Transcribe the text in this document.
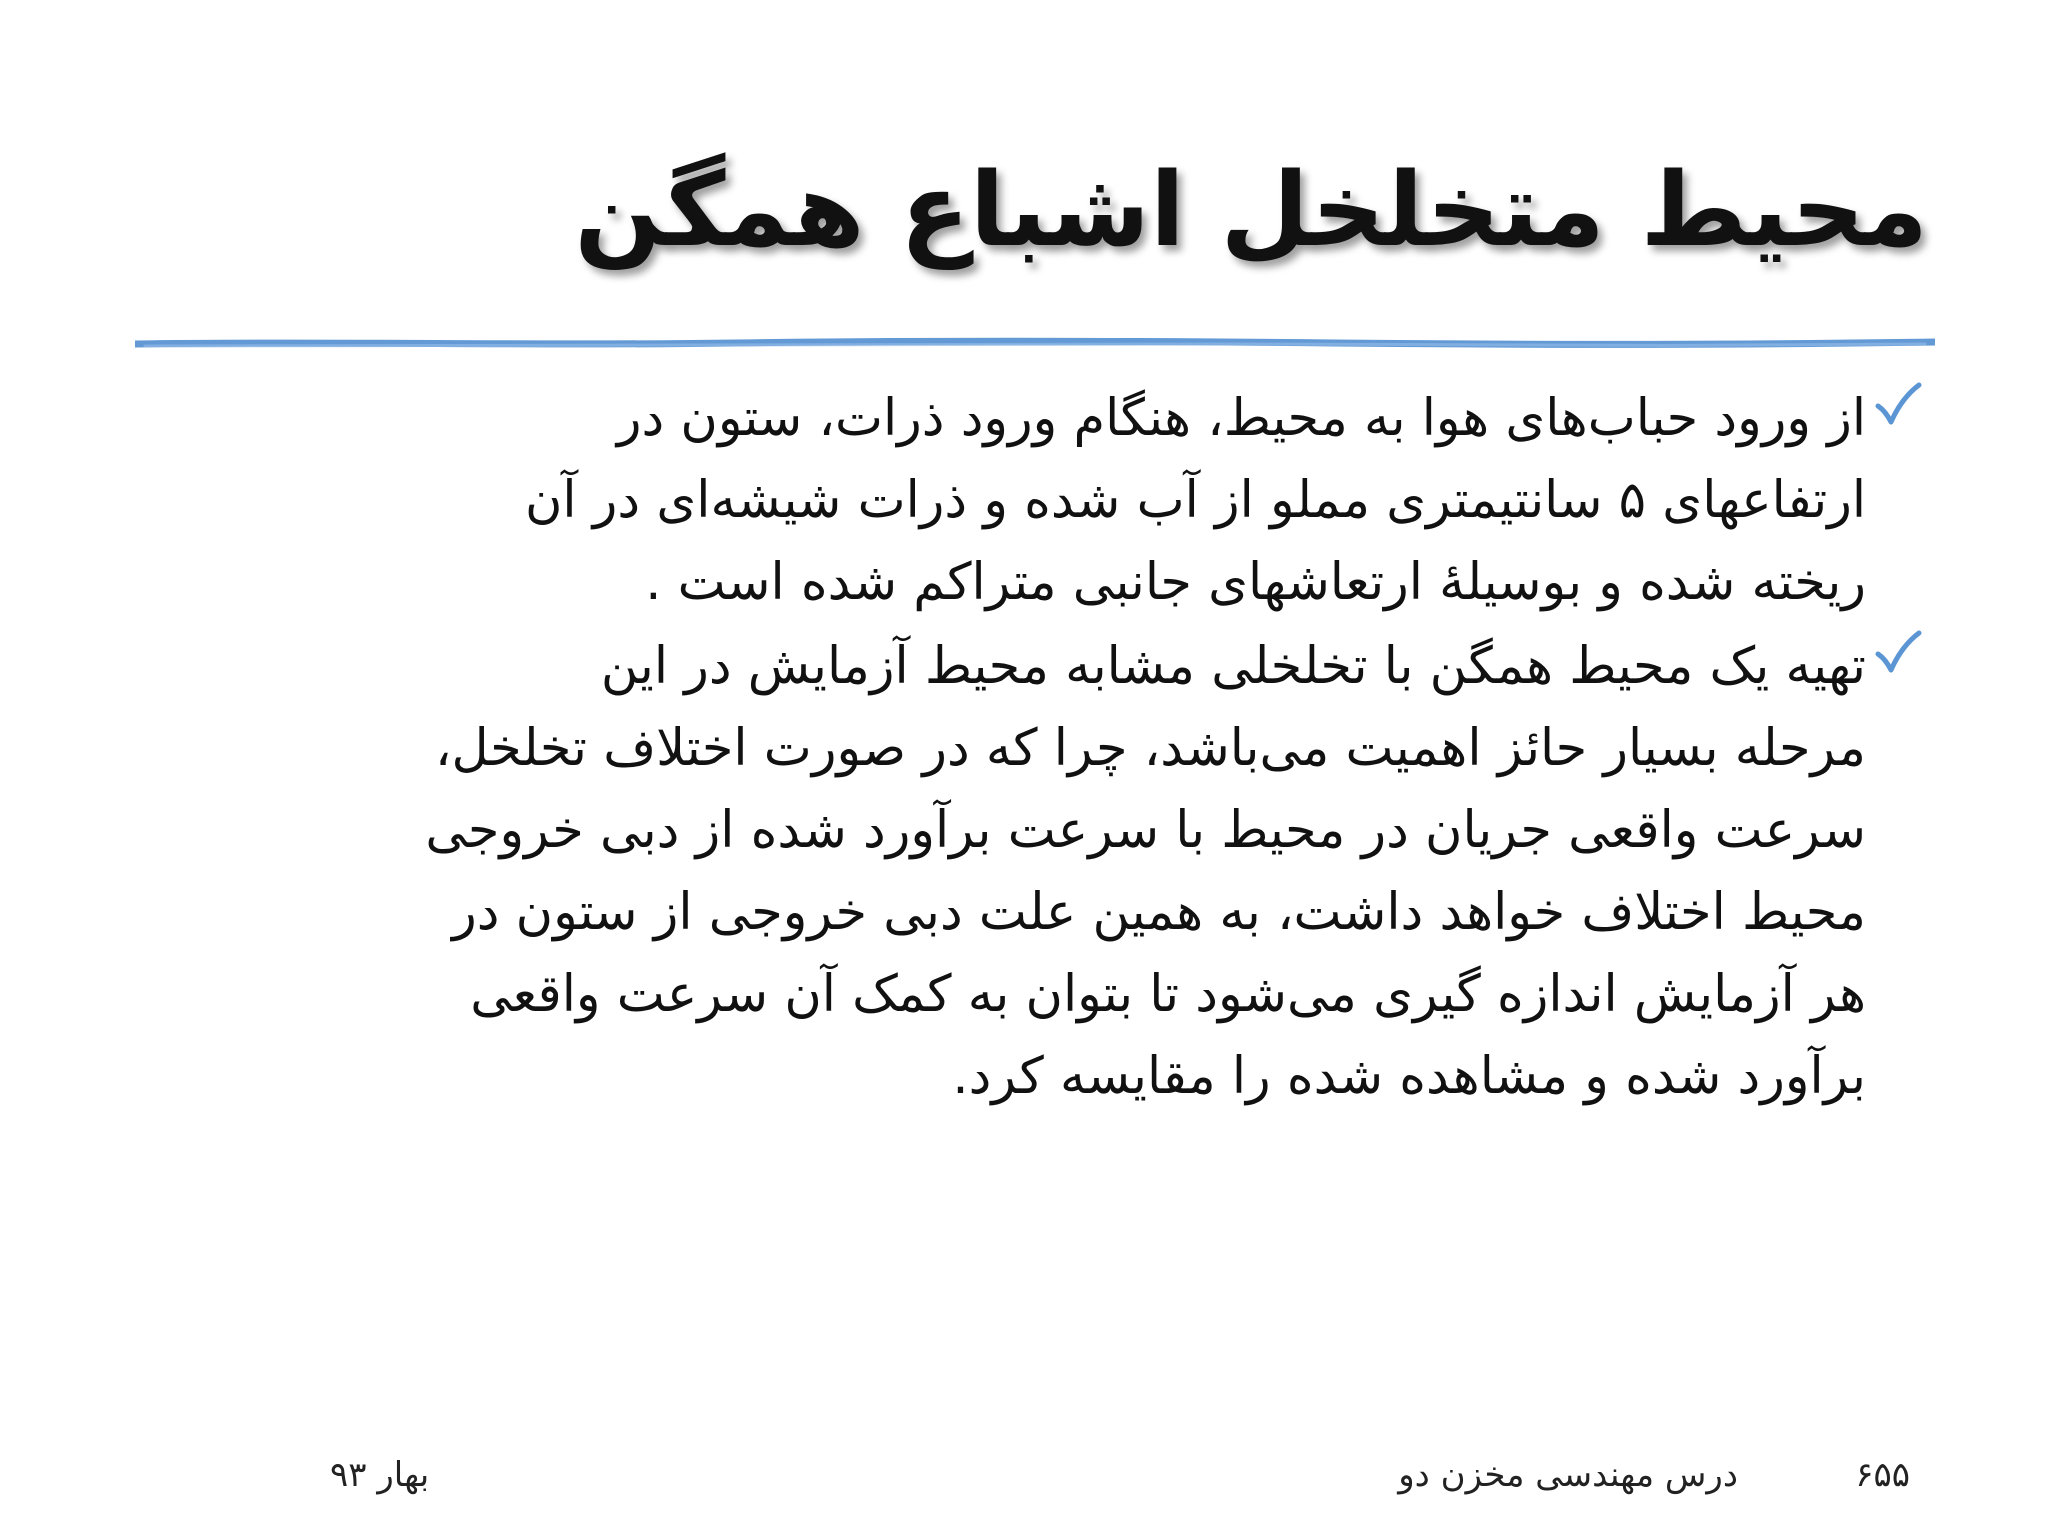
محیط متخلخل اشباع همگن
از ورود حباب‌های هوا به محیط، هنگام ورود ذرات، ستون در
ارتفاعهای ۵ سانتیمتری مملو از آب شده و ذرات شیشه‌ای در آن
ریخته شده و بوسیلهٔ ارتعاشهای جانبی متراکم شده است .
تهیه یک محیط همگن با تخلخلی مشابه محیط آزمایش در این
مرحله بسیار حائز اهمیت می‌باشد، چرا که در صورت اختلاف تخلخل،
سرعت واقعی جریان در محیط با سرعت برآورد شده از دبی خروجی
محیط اختلاف خواهد داشت، به همین علت دبی خروجی از ستون در
هر آزمایش اندازه گیری می‌شود تا بتوان به کمک آن سرعت واقعی
برآورد شده و مشاهده شده را مقایسه کرد.
۶۵۵
درس مهندسی مخزن دو
بهار ۹۳
